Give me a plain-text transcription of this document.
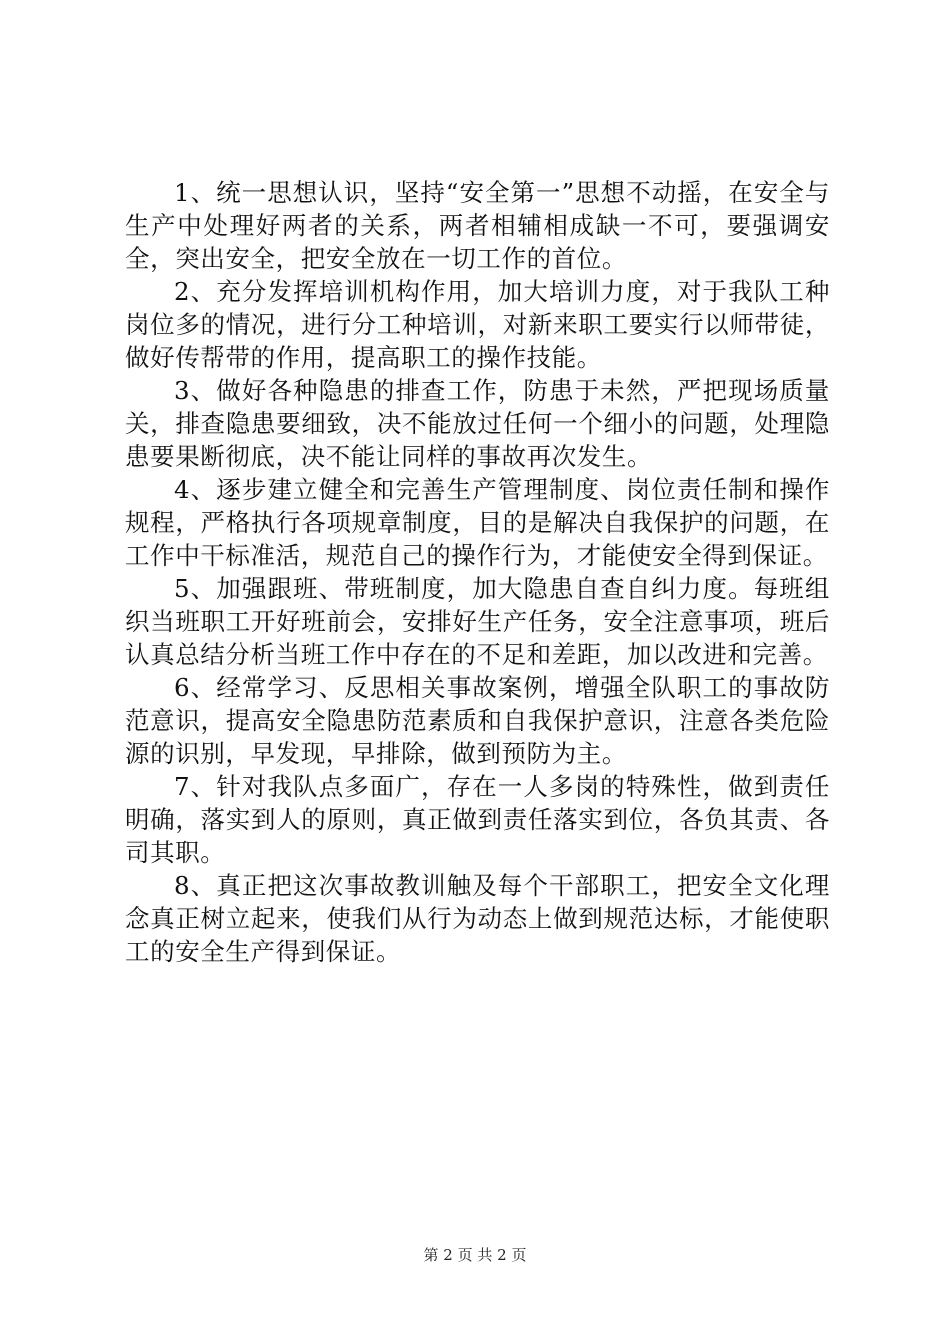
1、统一思想认识，坚持“安全第一”思想不动摇，在安全与生产中处理好两者的关系，两者相辅相成缺一不可，要强调安全，突出安全，把安全放在一切工作的首位。

2、充分发挥培训机构作用，加大培训力度，对于我队工种岗位多的情况，进行分工种培训，对新来职工要实行以师带徒，做好传帮带的作用，提高职工的操作技能。

3、做好各种隐患的排查工作，防患于未然，严把现场质量关，排查隐患要细致，决不能放过任何一个细小的问题，处理隐患要果断彻底，决不能让同样的事故再次发生。

4、逐步建立健全和完善生产管理制度、岗位责任制和操作规程，严格执行各项规章制度，目的是解决自我保护的问题，在工作中干标准活，规范自己的操作行为，才能使安全得到保证。

5、加强跟班、带班制度，加大隐患自查自纠力度。每班组织当班职工开好班前会，安排好生产任务，安全注意事项，班后认真总结分析当班工作中存在的不足和差距，加以改进和完善。

6、经常学习、反思相关事故案例，增强全队职工的事故防范意识，提高安全隐患防范素质和自我保护意识，注意各类危险源的识别，早发现，早排除，做到预防为主。

7、针对我队点多面广，存在一人多岗的特殊性，做到责任明确，落实到人的原则，真正做到责任落实到位，各负其责、各司其职。

8、真正把这次事故教训触及每个干部职工，把安全文化理念真正树立起来，使我们从行为动态上做到规范达标，才能使职工的安全生产得到保证。

第 2 页 共 2 页
